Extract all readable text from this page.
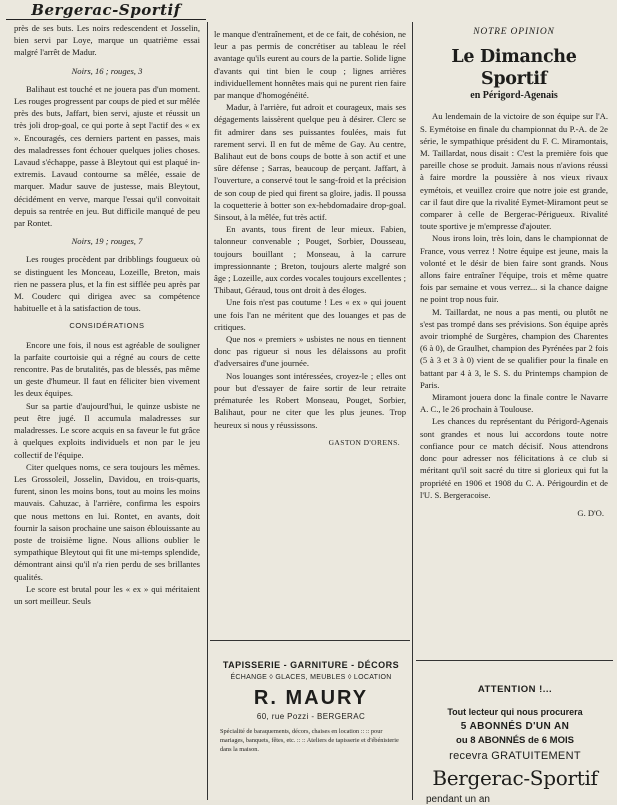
Bergerac-Sportif

près de ses buts. Les noirs redescendent et Josselin, bien servi par Loye, marque un quatrième essai malgré l'arrêt de Madur.

Noirs, 16 ; rouges, 3

Balihaut est touché et ne jouera pas d'un moment. Les rouges progressent par coups de pied et sur mêlée près des buts, Jaffart, bien servi, ajuste et réussit un très joli drop-goal, ce qui porte à sept l'actif des « ex ». Encouragés, ces derniers partent en passes, mais des maladresses font échouer quelques jolies choses. Lavaud s'échappe, passe à Bleytout qui est plaqué in-extremis. Lavaud contourne sa mêlée, essaie de marquer. Madur sauve de justesse, mais Bleytout, décidément en verve, marque l'essai qu'il convoitait depuis sa rentrée en jeu. But difficile manqué de peu par Rontet.

Noirs, 19 ; rouges, 7

Les rouges procèdent par dribblings fougueux où se distinguent les Monceau, Lozeille, Breton, mais rien ne passera plus, et la fin est sifflée peu après par M. Couderc qui dirigea avec sa compétence habituelle et à la satisfaction de tous.

CONSIDÉRATIONS

Encore une fois, il nous est agréable de souligner la parfaite courtoisie qui a régné au cours de cette rencontre. Pas de brutalités, pas de blessés, pas même un geste d'humeur. Il faut en féliciter bien vivement les deux équipes.

Sur sa partie d'aujourd'hui, le quinze usbiste ne peut être jugé. Il accumula maladresses sur maladresses. Le score acquis en sa faveur le fut grâce à quelques exploits individuels et non par le jeu collectif de l'équipe.

Citer quelques noms, ce sera toujours les mêmes. Les Grossoleil, Josselin, Davidou, en trois-quarts, furent, sinon les moins bons, tout au moins les moins mauvais. Cahuzac, à l'arrière, confirma les espoirs que nous mettons en lui. Rontet, en avants, doit fournir la saison prochaine une saison éblouissante au poste de troisième ligne. Nous allions oublier le sympathique Bleytout qui fit une mi-temps splendide, démontrant ainsi qu'il n'a rien perdu de ses brillantes qualités.

Le score est brutal pour les « ex » qui méritaient un sort meilleur. Seuls

le manque d'entraînement, et de ce fait, de cohésion, ne leur a pas permis de concrétiser au tableau le réel avantage qu'ils eurent au cours de la partie. Solide ligne d'avants qui tint bien le coup ; lignes arrières individuellement honnêtes mais qui ne purent rien faire par manque d'homogénéité.

Madur, à l'arrière, fut adroit et courageux, mais ses dégagements laissèrent quelque peu à désirer. Clerc se fit admirer dans ses puissantes foulées, mais fut rarement servi. Il en fut de même de Gay. Au centre, Balihaut eut de bons coups de botte à son actif et une sûre défense ; Sarras, beaucoup de perçant. Jaffart, à l'ouverture, a conservé tout le sang-froid et la précision de son coup de pied qui firent sa gloire, jadis. Il poussa la coquetterie à botter son ex-hebdomadaire drop-goal. Sinsout, à la mêlée, fut très actif.

En avants, tous firent de leur mieux. Fabien, talonneur convenable ; Pouget, Sorbier, Dousseau, toujours bouillant ; Monseau, à la carrure impressionnante ; Breton, toujours alerte malgré son âge ; Lozeille, aux cordes vocales toujours excellentes ; Thibaut, Géraud, tous ont droit à des éloges.

Une fois n'est pas coutume ! Les « ex » qui jouent une fois l'an ne méritent que des louanges et pas de critiques.

Que nos « premiers » usbistes ne nous en tiennent donc pas rigueur si nous les délaissons au profit d'adversaires d'une journée.

Nos louanges sont intéressées, croyez-le ; elles ont pour but d'essayer de faire sortir de leur retraite prématurée les Robert Monseau, Pouget, Sorbier, Balihaut, pour ne citer que les plus jeunes. Trop heureux si nous y réussissons.

GASTON D'ORENS.
TAPISSERIE - GARNITURE - DÉCORS
ÉCHANGE ◊ GLACES, MEUBLES ◊ LOCATION
R. MAURY
60, rue Pozzi - BERGERAC
Spécialité de baraquements, décors, chaises en location :: :: pour mariages, banquets, fêtes, etc. :: :: Ateliers de tapisserie et d'ébénisterie dans la maison.
NOTRE OPINION
Le Dimanche Sportif
en Périgord-Agenais

Au lendemain de la victoire de son équipe sur l'A. S. Eymétoise en finale du championnat du P.-A. de 2e série, le sympathique président du F. C. Miramontais, M. Taillardat, nous disait : C'est la première fois que pareille chose se produit. Jamais nous n'avions réussi à faire mordre la poussière à nos vieux rivaux eymétois, et veuillez croire que notre joie est grande, car il faut dire que la rivalité Eymet-Miramont peut se comparer à celle de Bergerac-Périgueux. Rivalité toute sportive je m'empresse d'ajouter.

Nous irons loin, très loin, dans le championnat de France, vous verrez ! Notre équipe est jeune, mais la volonté et le désir de bien faire sont grands. Nous allons faire entraîner l'équipe, trois et même quatre fois par semaine et vous verrez... si la chance daigne ne point trop nous fuir.

M. Taillardat, ne nous a pas menti, ou plutôt ne s'est pas trompé dans ses prévisions. Son équipe après avoir triomphé de Surgères, champion des Charentes (6 à 0), de Graulhet, champion des Pyrénées par 2 fois (5 à 3 et 3 à 0) vient de se qualifier pour la finale en battant par 4 à 3, le S. S. du Printemps champion de Paris.

Miramont jouera donc la finale contre le Navarre A. C., le 26 prochain à Toulouse.

Les chances du représentant du Périgord-Agenais sont grandes et nous lui accordons toute notre confiance pour ce match décisif. Nous attendrons donc pour adresser nos félicitations à ce club si méritant qu'il soit sacré du titre si glorieux qui fut la propriété en 1906 et 1908 du C. A. Périgourdin et de l'U. S. Bergeracoise.

G. D'O.
ATTENTION !...
Tout lecteur qui nous procurera
5 ABONNÉS D'UN AN
ou 8 ABONNÉS de 6 MOIS
recevra GRATUITEMENT
Bergerac-Sportif
pendant un an
